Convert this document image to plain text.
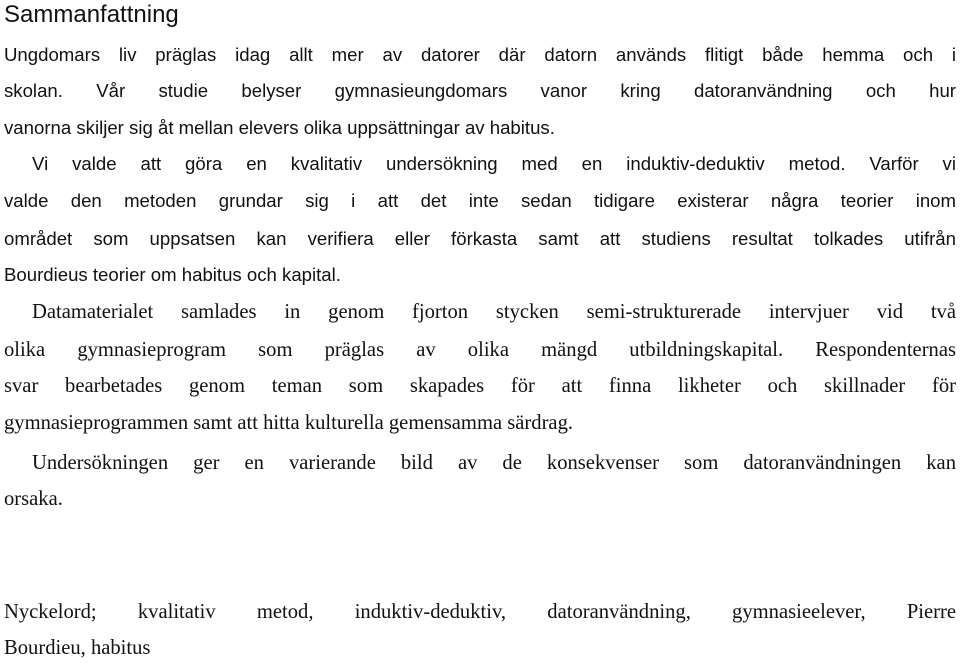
Sammanfattning
Ungdomars liv präglas idag allt mer av datorer där datorn används flitigt både hemma och i
skolan. Vår studie belyser gymnasieungdomars vanor kring datoranvändning och hur
vanorna skiljer sig åt mellan elevers olika uppsättningar av habitus.
Vi valde att göra en kvalitativ undersökning med en induktiv-deduktiv metod. Varför vi
valde den metoden grundar sig i att det inte sedan tidigare existerar några teorier inom
området som uppsatsen kan verifiera eller förkasta samt att studiens resultat tolkades utifrån
Bourdieus teorier om habitus och kapital.
Datamaterialet samlades in genom fjorton stycken semi-strukturerade intervjuer vid två
olika gymnasieprogram som präglas av olika mängd utbildningskapital. Respondenternas
svar bearbetades genom teman som skapades för att finna likheter och skillnader för
gymnasieprogrammen samt att hitta kulturella gemensamma särdrag.
Undersökningen ger en varierande bild av de konsekvenser som datoranvändningen kan
orsaka.
Nyckelord; kvalitativ metod, induktiv-deduktiv, datoranvändning, gymnasieelever, Pierre
Bourdieu, habitus
